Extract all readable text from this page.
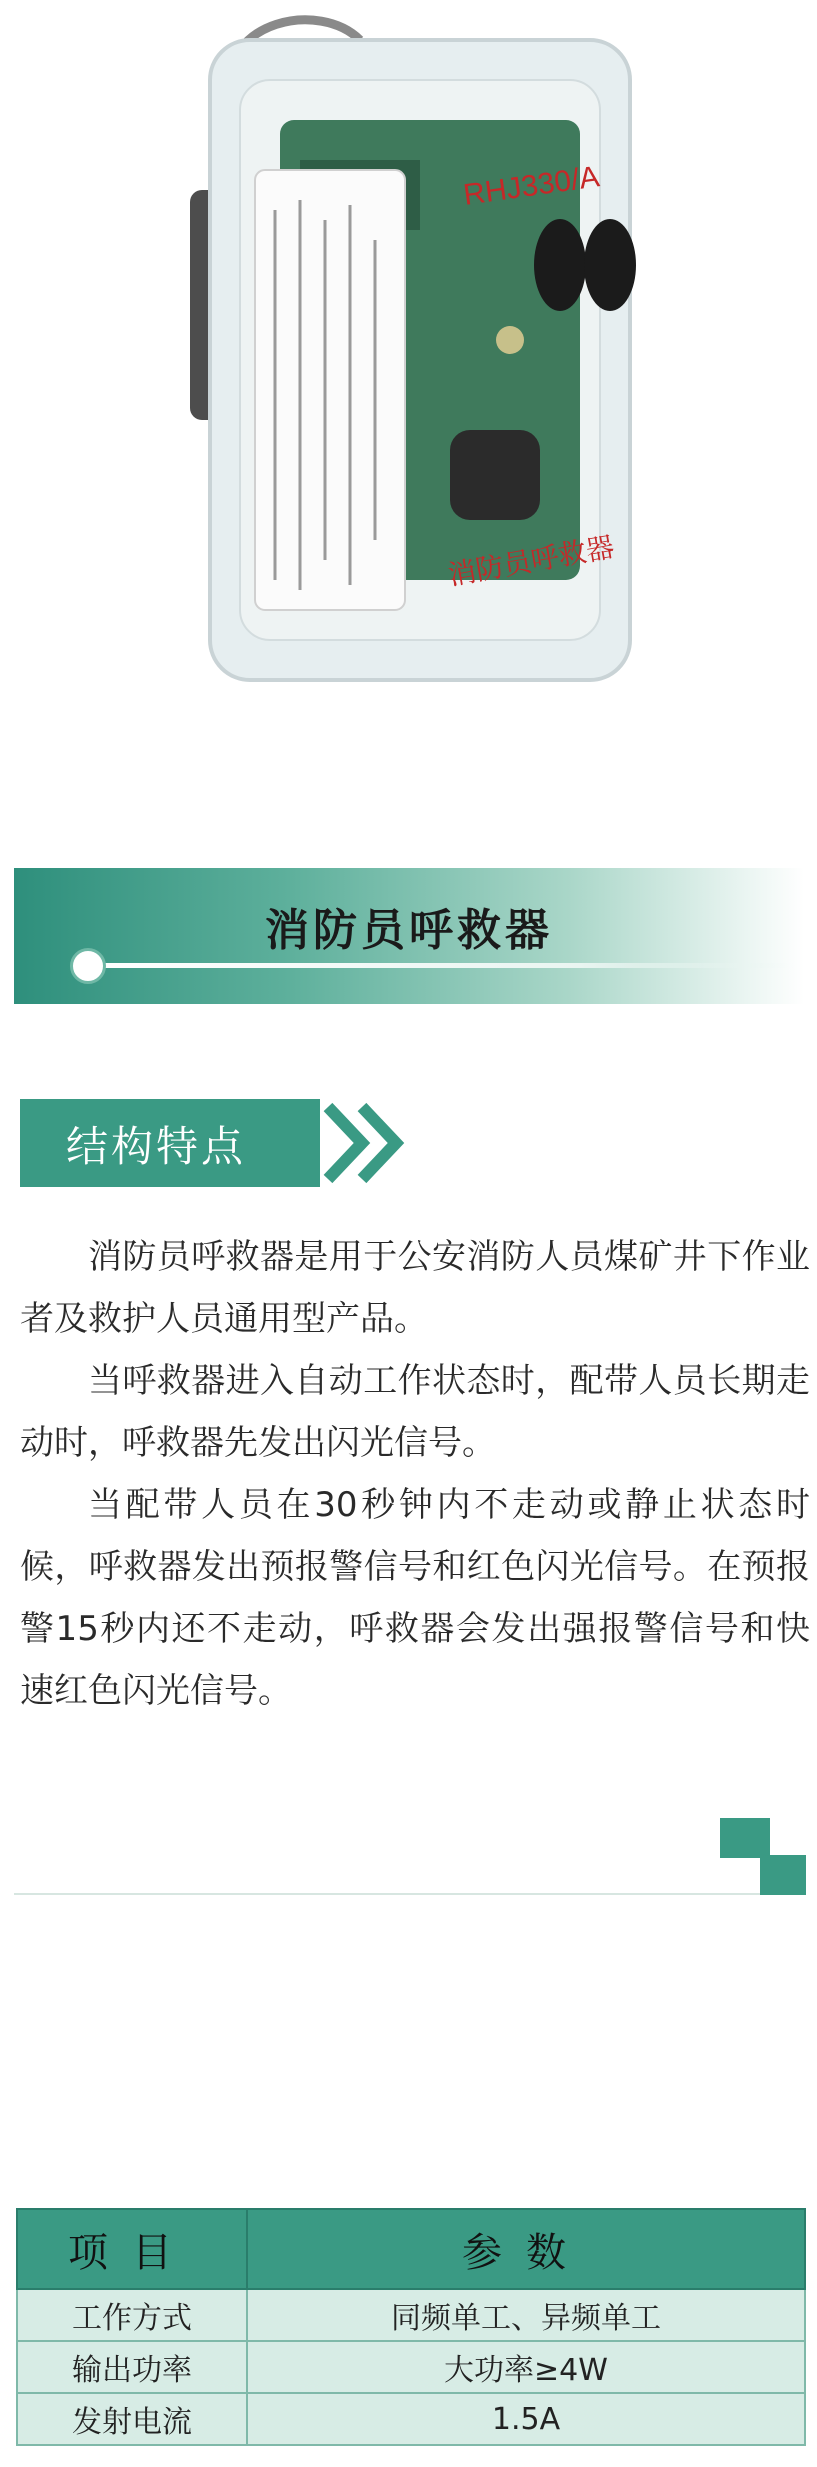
RHJ330/A
消防员呼救器
消防员呼救器
结构特点

消防员呼救器是用于公安消防人员煤矿井下作业者及救护人员通用型产品。

当呼救器进入自动工作状态时，配带人员长期走动时，呼救器先发出闪光信号。

当配带人员在30秒钟内不走动或静止状态时候，呼救器发出预报警信号和红色闪光信号。在预报警15秒内还不走动，呼救器会发出强报警信号和快速红色闪光信号。

项目	参数
工作方式	同频单工、异频单工
输出功率	大功率≥4W
发射电流	1.5A
